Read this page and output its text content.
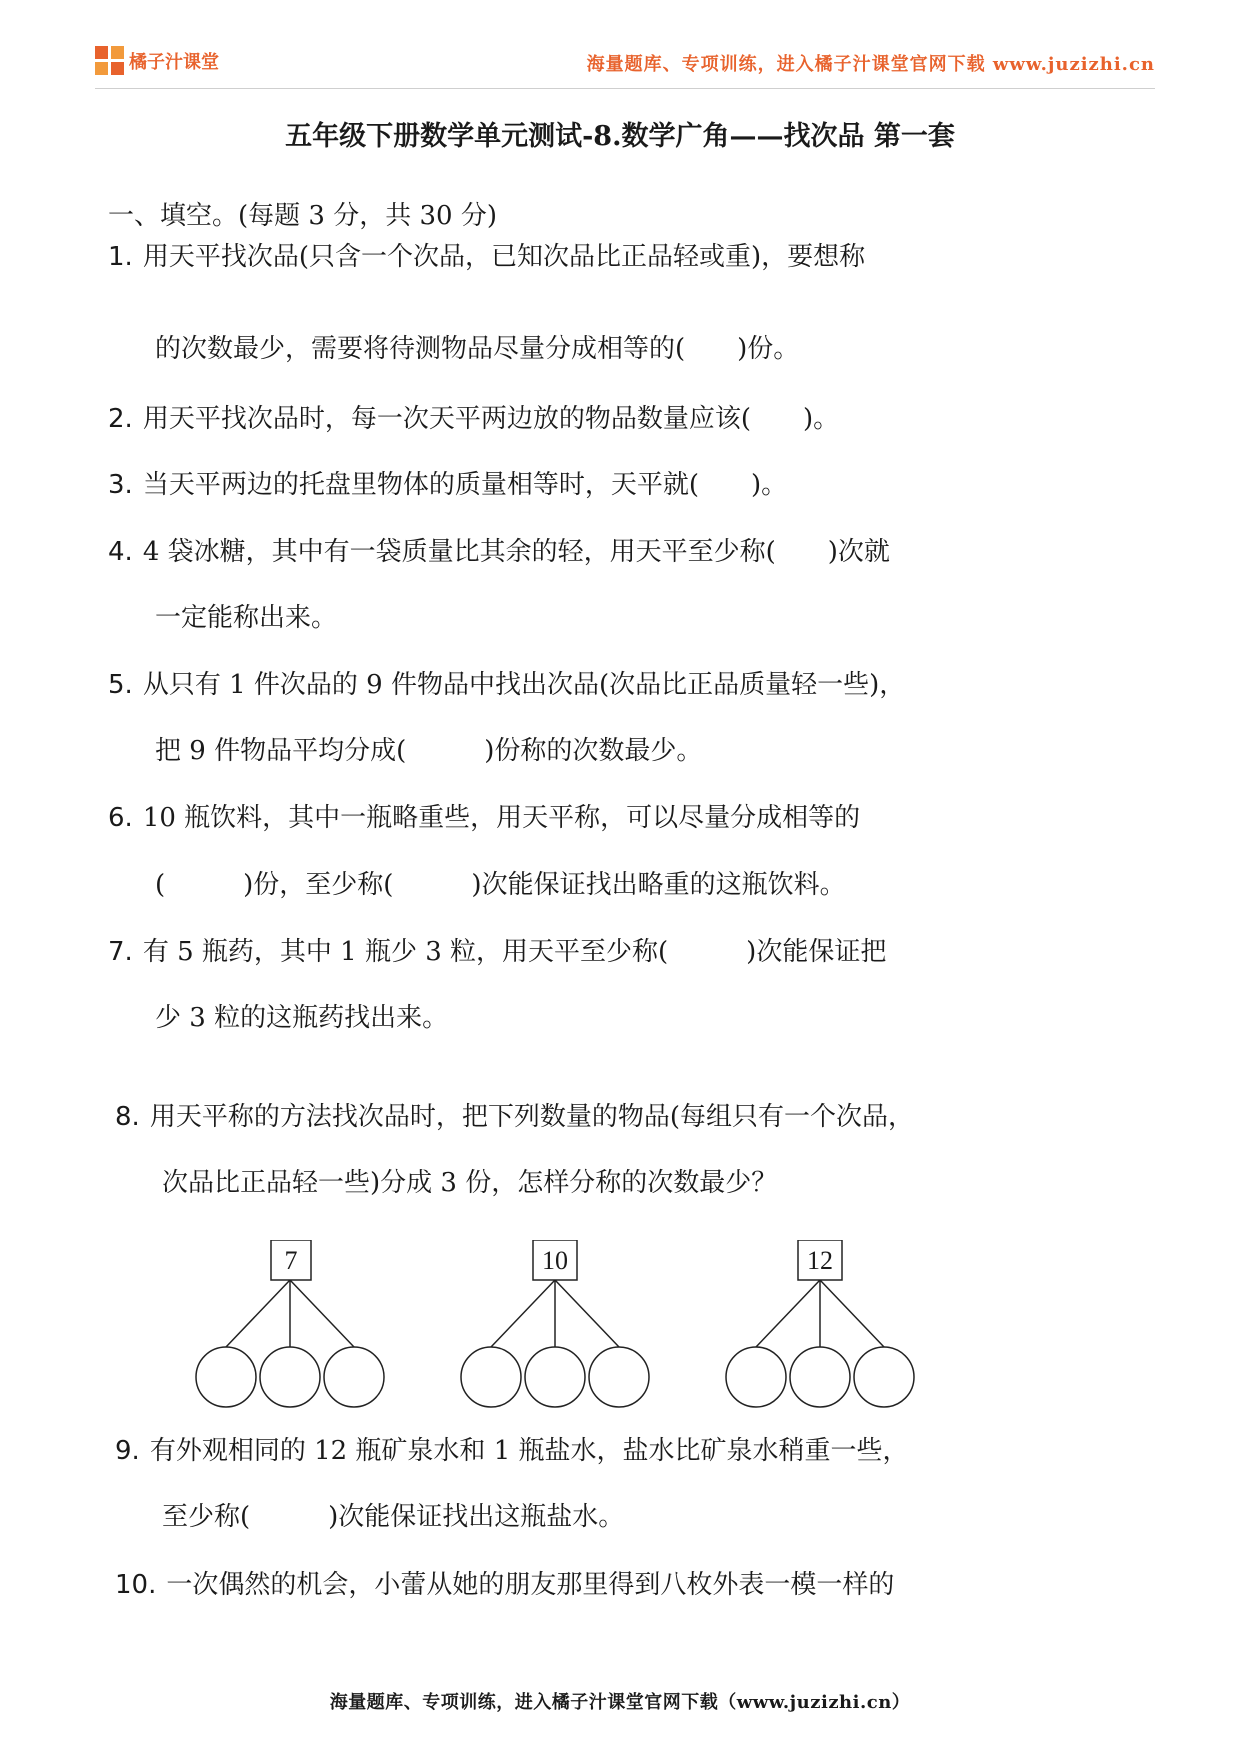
橘子汁课堂	海量题库、专项训练，进入橘子汁课堂官网下载 www.juzizhi.cn
五年级下册数学单元测试-8.数学广角——找次品 第一套
一、填空。(每题 3 分，共 30 分)
1. 用天平找次品(只含一个次品，已知次品比正品轻或重)，要想称
的次数最少，需要将待测物品尽量分成相等的(　　)份。
2. 用天平找次品时，每一次天平两边放的物品数量应该(　　)。
3. 当天平两边的托盘里物体的质量相等时，天平就(　　)。
4. 4 袋冰糖，其中有一袋质量比其余的轻，用天平至少称(　　)次就
一定能称出来。
5. 从只有 1 件次品的 9 件物品中找出次品(次品比正品质量轻一些)，
把 9 件物品平均分成(　　　)份称的次数最少。
6. 10 瓶饮料，其中一瓶略重些，用天平称，可以尽量分成相等的
(　　　)份，至少称(　　　)次能保证找出略重的这瓶饮料。
7. 有 5 瓶药，其中 1 瓶少 3 粒，用天平至少称(　　　)次能保证把
少 3 粒的这瓶药找出来。
8. 用天平称的方法找次品时，把下列数量的物品(每组只有一个次品，
次品比正品轻一些)分成 3 份，怎样分称的次数最少？
7	10	12
9. 有外观相同的 12 瓶矿泉水和 1 瓶盐水，盐水比矿泉水稍重一些，
至少称(　　　)次能保证找出这瓶盐水。
10. 一次偶然的机会，小蕾从她的朋友那里得到八枚外表一模一样的
海量题库、专项训练，进入橘子汁课堂官网下载（www.juzizhi.cn）
